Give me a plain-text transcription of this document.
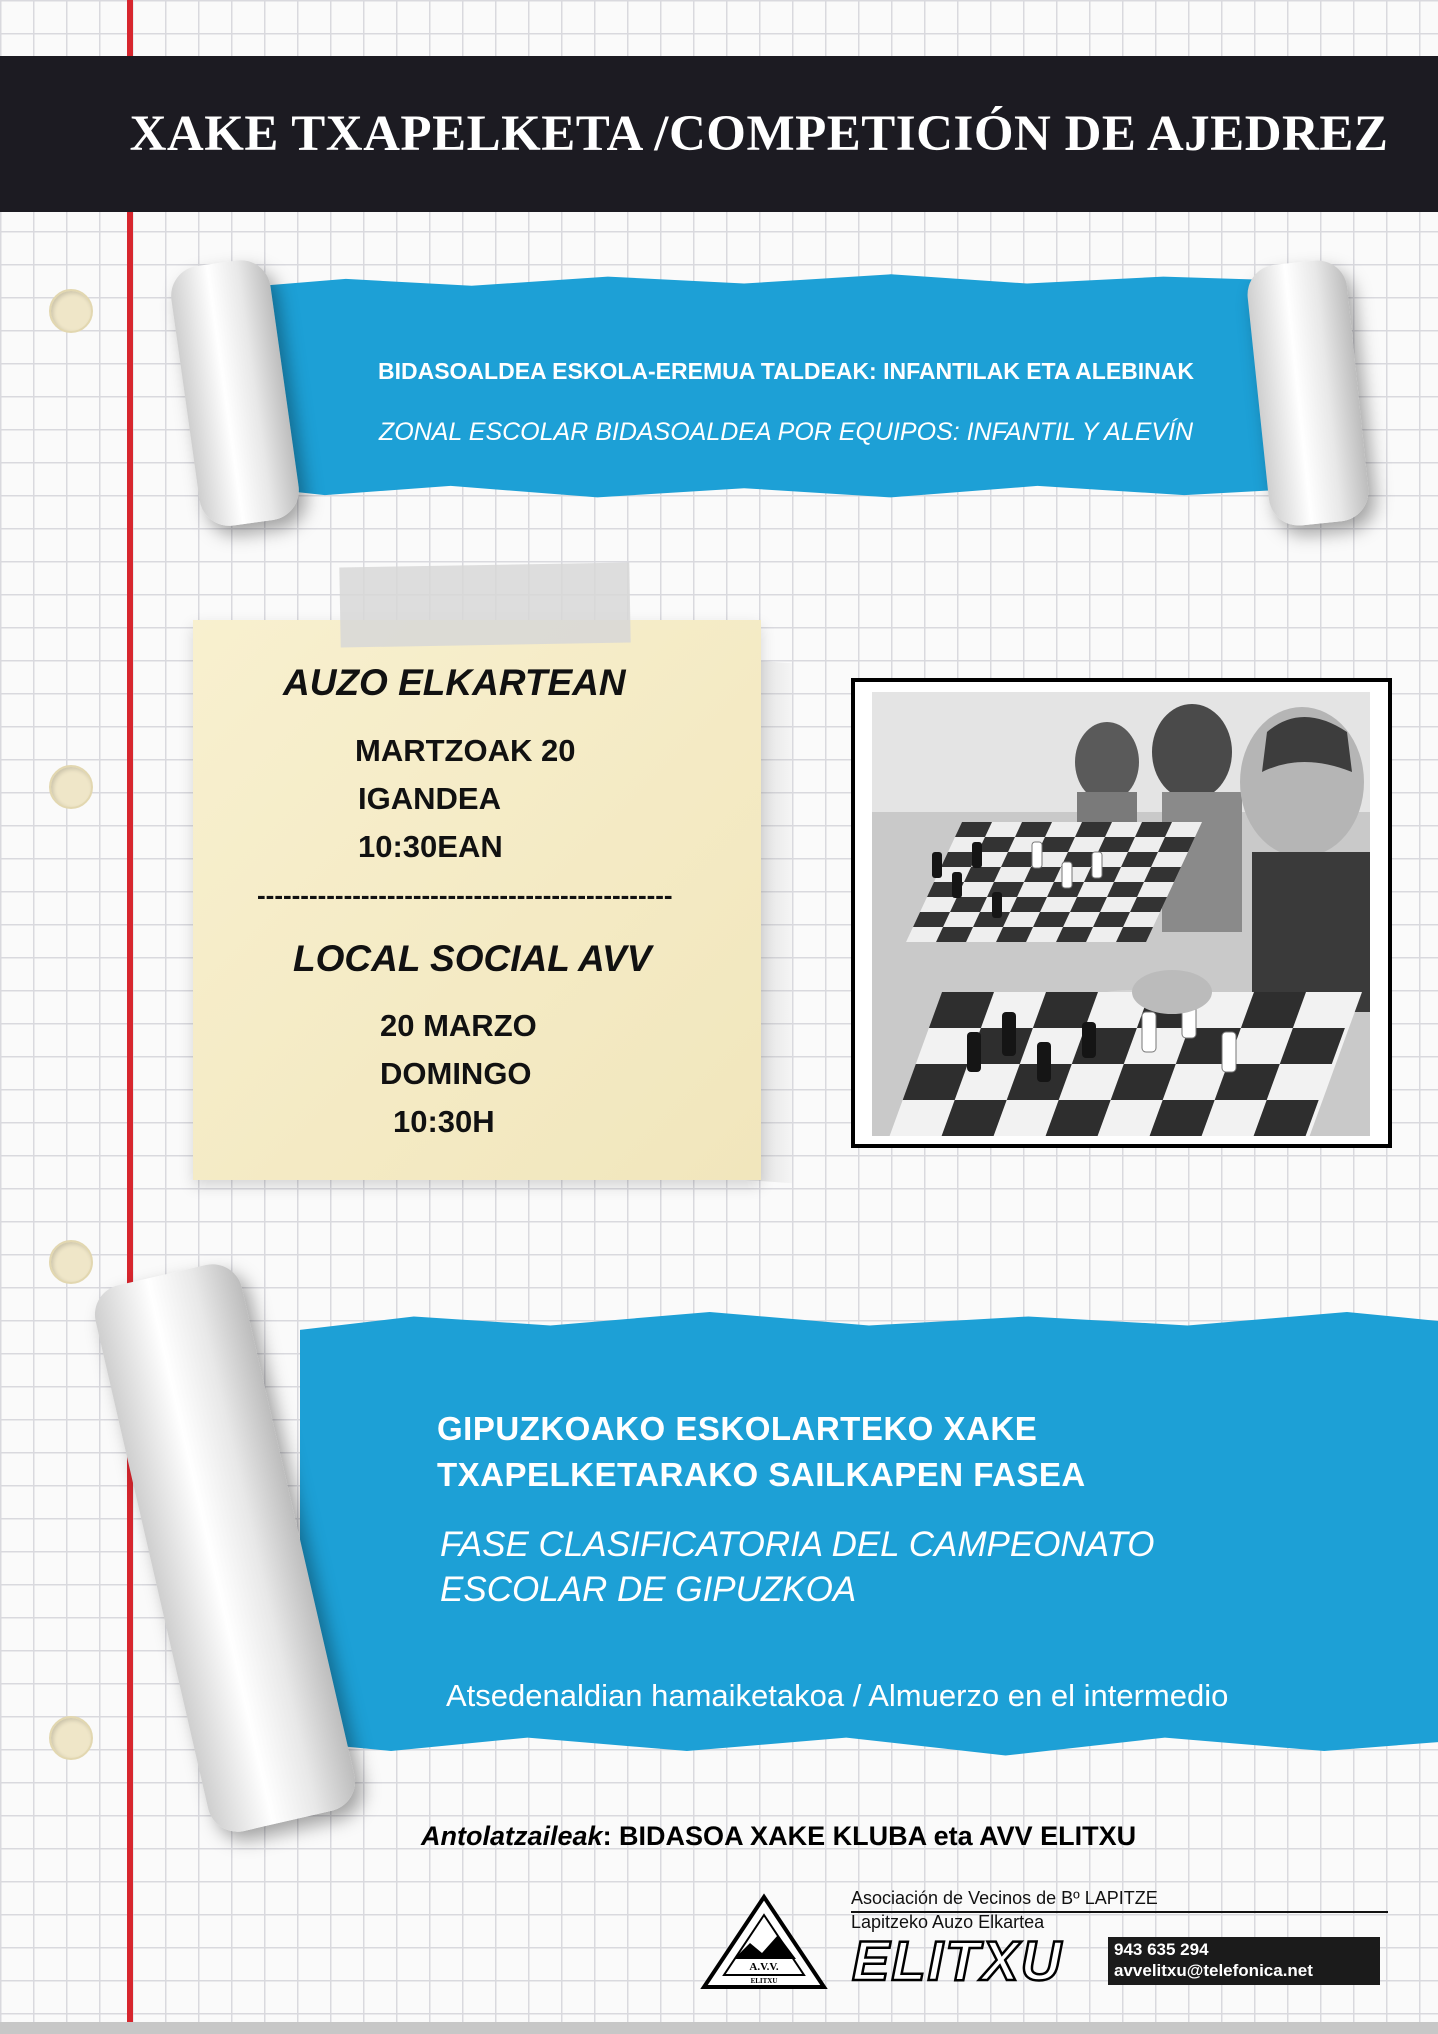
XAKE TXAPELKETA /COMPETICIÓN DE AJEDREZ
BIDASOALDEA ESKOLA-EREMUA TALDEAK: INFANTILAK ETA ALEBINAK
ZONAL ESCOLAR BIDASOALDEA POR EQUIPOS: INFANTIL Y ALEVÍN
AUZO ELKARTEAN
MARTZOAK 20
IGANDEA
10:30EAN
------------------------------------------------
LOCAL SOCIAL AVV
20 MARZO
DOMINGO
10:30H
GIPUZKOAKO ESKOLARTEKO XAKE
TXAPELKETARAKO SAILKAPEN FASEA
FASE CLASIFICATORIA DEL CAMPEONATO
ESCOLAR DE GIPUZKOA
Atsedenaldian hamaiketakoa / Almuerzo en el intermedio
Antolatzaileak: BIDASOA XAKE KLUBA eta AVV ELITXU
A.V.V.
ELITXU
Asociación de Vecinos de Bº LAPITZE
Lapitzeko Auzo Elkartea
ELITXU	943 635 294
avvelitxu@telefonica.net
